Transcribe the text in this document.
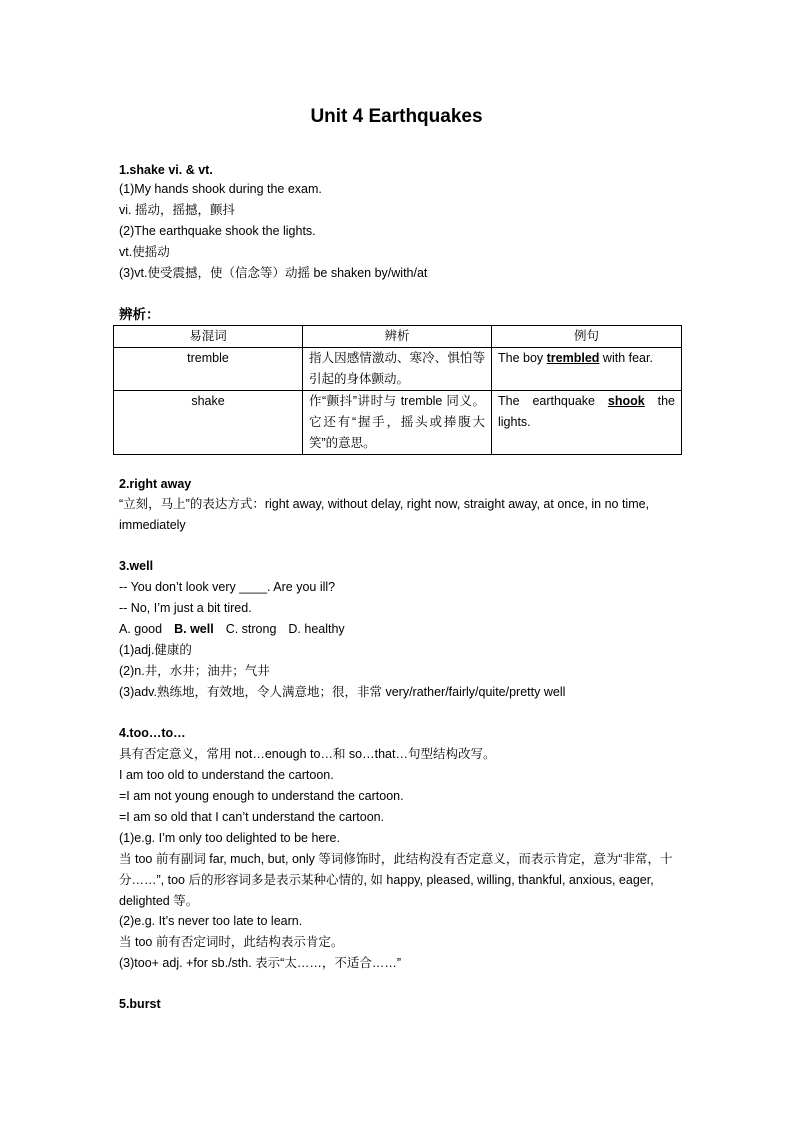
Unit 4 Earthquakes
1.shake vi. & vt.
(1)My hands shook during the exam.
vi. 摇动，摇撼，颤抖
(2)The earthquake shook the lights.
vt.使摇动
(3)vt.使受震撼，使（信念等）动摇 be shaken by/with/at
辨析：
易混词	辨析	例句
tremble	指人因感情激动、寒冷、惧怕等引起的身体颤动。	The boy trembled with fear.
shake	作“颤抖”讲时与 tremble 同义。它还有“握手，摇头或捧腹大笑”的意思。	The earthquake shook the lights.
2.right away
“立刻，马上”的表达方式：right away, without delay, right now, straight away, at once, in no time, immediately
3.well
-- You don’t look very ____. Are you ill?
-- No, I’m just a bit tired.
A. good B. well C. strong D. healthy
(1)adj.健康的
(2)n.井，水井；油井；气井
(3)adv.熟练地，有效地，令人满意地；很，非常 very/rather/fairly/quite/pretty well
4.too…to…
具有否定意义，常用 not…enough to…和 so…that…句型结构改写。
I am too old to understand the cartoon.
=I am not young enough to understand the cartoon.
=I am so old that I can’t understand the cartoon.
(1)e.g. I’m only too delighted to be here.
当 too 前有副词 far, much, but, only 等词修饰时，此结构没有否定意义，而表示肯定，意为“非常，十分……”, too 后的形容词多是表示某种心情的, 如 happy, pleased, willing, thankful, anxious, eager, delighted 等。
(2)e.g. It’s never too late to learn.
当 too 前有否定词时，此结构表示肯定。
(3)too+ adj. +for sb./sth. 表示“太……，不适合……”
5.burst
